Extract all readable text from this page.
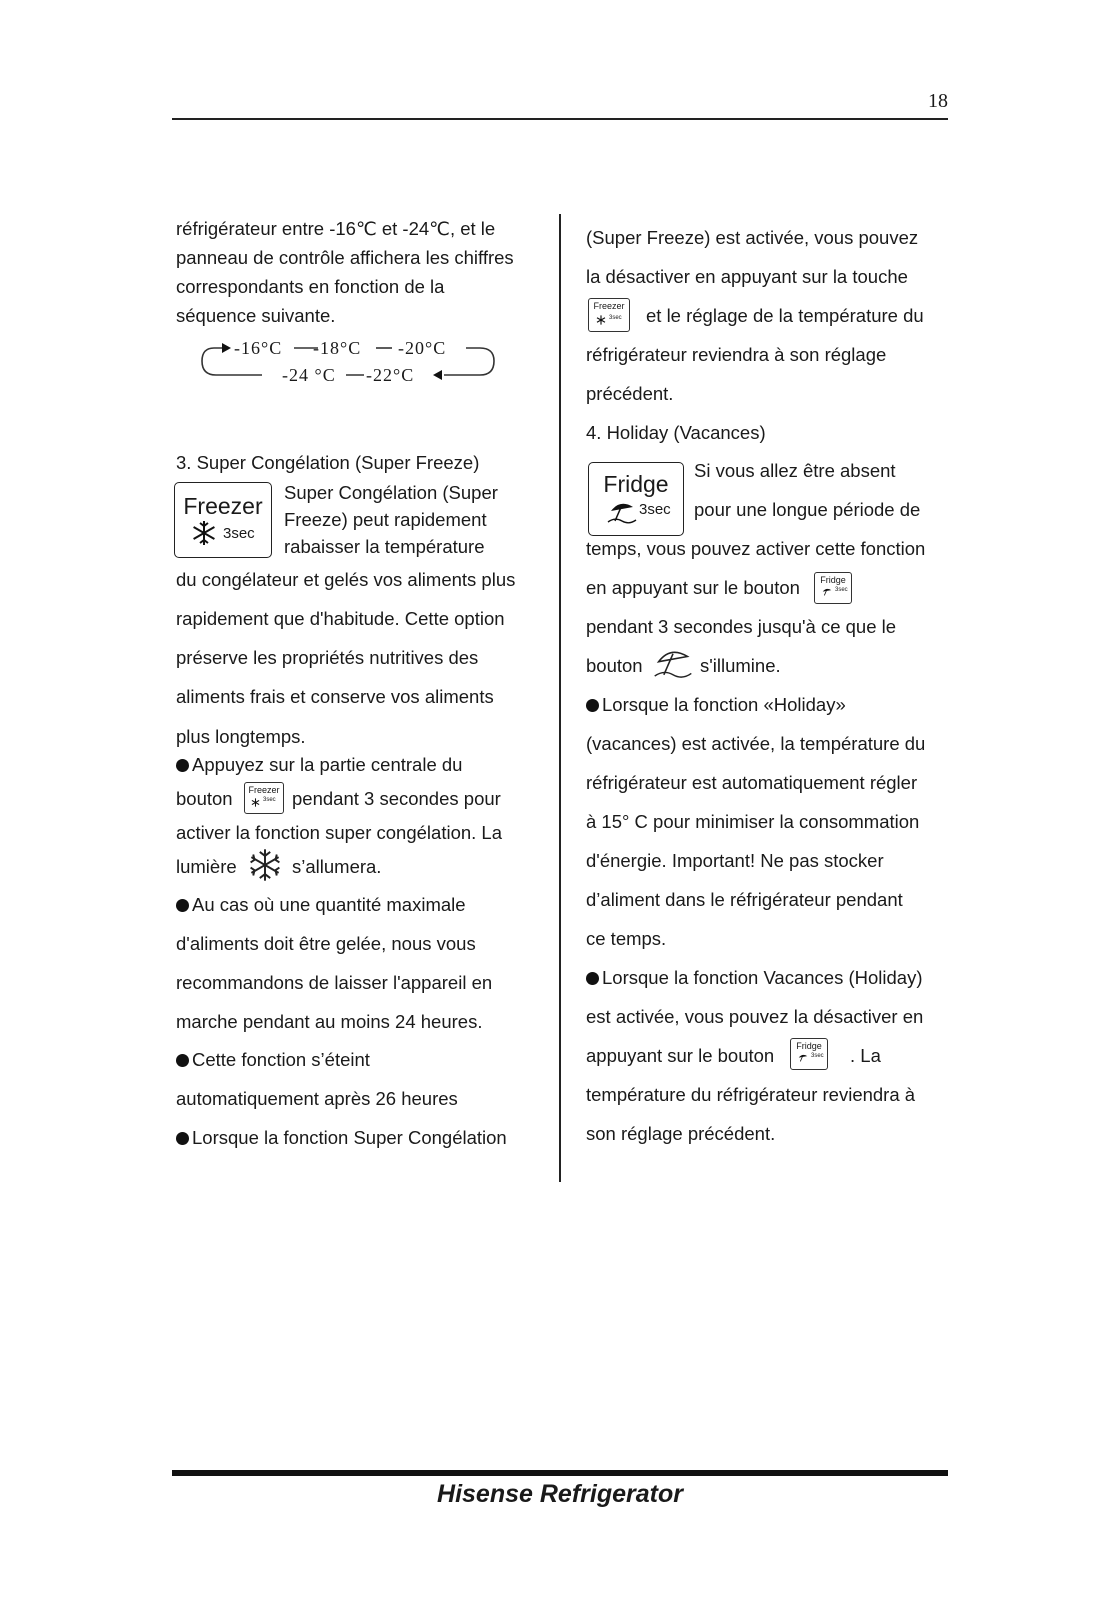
18
réfrigérateur entre -16℃ et -24℃, et le
panneau de contrôle affichera les chiffres
correspondants en fonction de la
séquence suivante.
-16°C -18°C -20°C
-24 °C -22°C
3. Super Congélation (Super Freeze)
Freezer
3sec
Super Congélation (Super
Freeze) peut rapidement
rabaisser la température
du congélateur et gelés vos aliments plus
rapidement que d'habitude. Cette option
préserve les propriétés nutritives des
aliments frais et conserve vos aliments
plus longtemps.
Appuyez sur la partie centrale du
bouton	Freezer
3sec pendant 3 secondes pour
activer la fonction super congélation. La
lumière	s’allumera.
Au cas où une quantité maximale
d'aliments doit être gelée, nous vous
recommandons de laisser l'appareil en
marche pendant au moins 24 heures.
Cette fonction s’éteint
automatiquement après 26 heures
Lorsque la fonction Super Congélation
(Super Freeze) est activée, vous pouvez
la désactiver en appuyant sur la touche
Freezer
3sec et le réglage de la température du
réfrigérateur reviendra à son réglage
précédent.
4. Holiday (Vacances)
Fridge
3sec
Si vous allez être absent
pour une longue période de
temps, vous pouvez activer cette fonction
en appuyant sur le bouton	Fridge
3sec
pendant 3 secondes jusqu'à ce que le
bouton	s'illumine.
Lorsque la fonction «Holiday»
(vacances) est activée, la température du
réfrigérateur est automatiquement régler
à 15° C pour minimiser la consommation
d'énergie. Important! Ne pas stocker
d’aliment dans le réfrigérateur pendant
ce temps.
Lorsque la fonction Vacances (Holiday)
est activée, vous pouvez la désactiver en
appuyant sur le bouton	Fridge
3sec . La
température du réfrigérateur reviendra à
son réglage précédent.
Hisense Refrigerator
